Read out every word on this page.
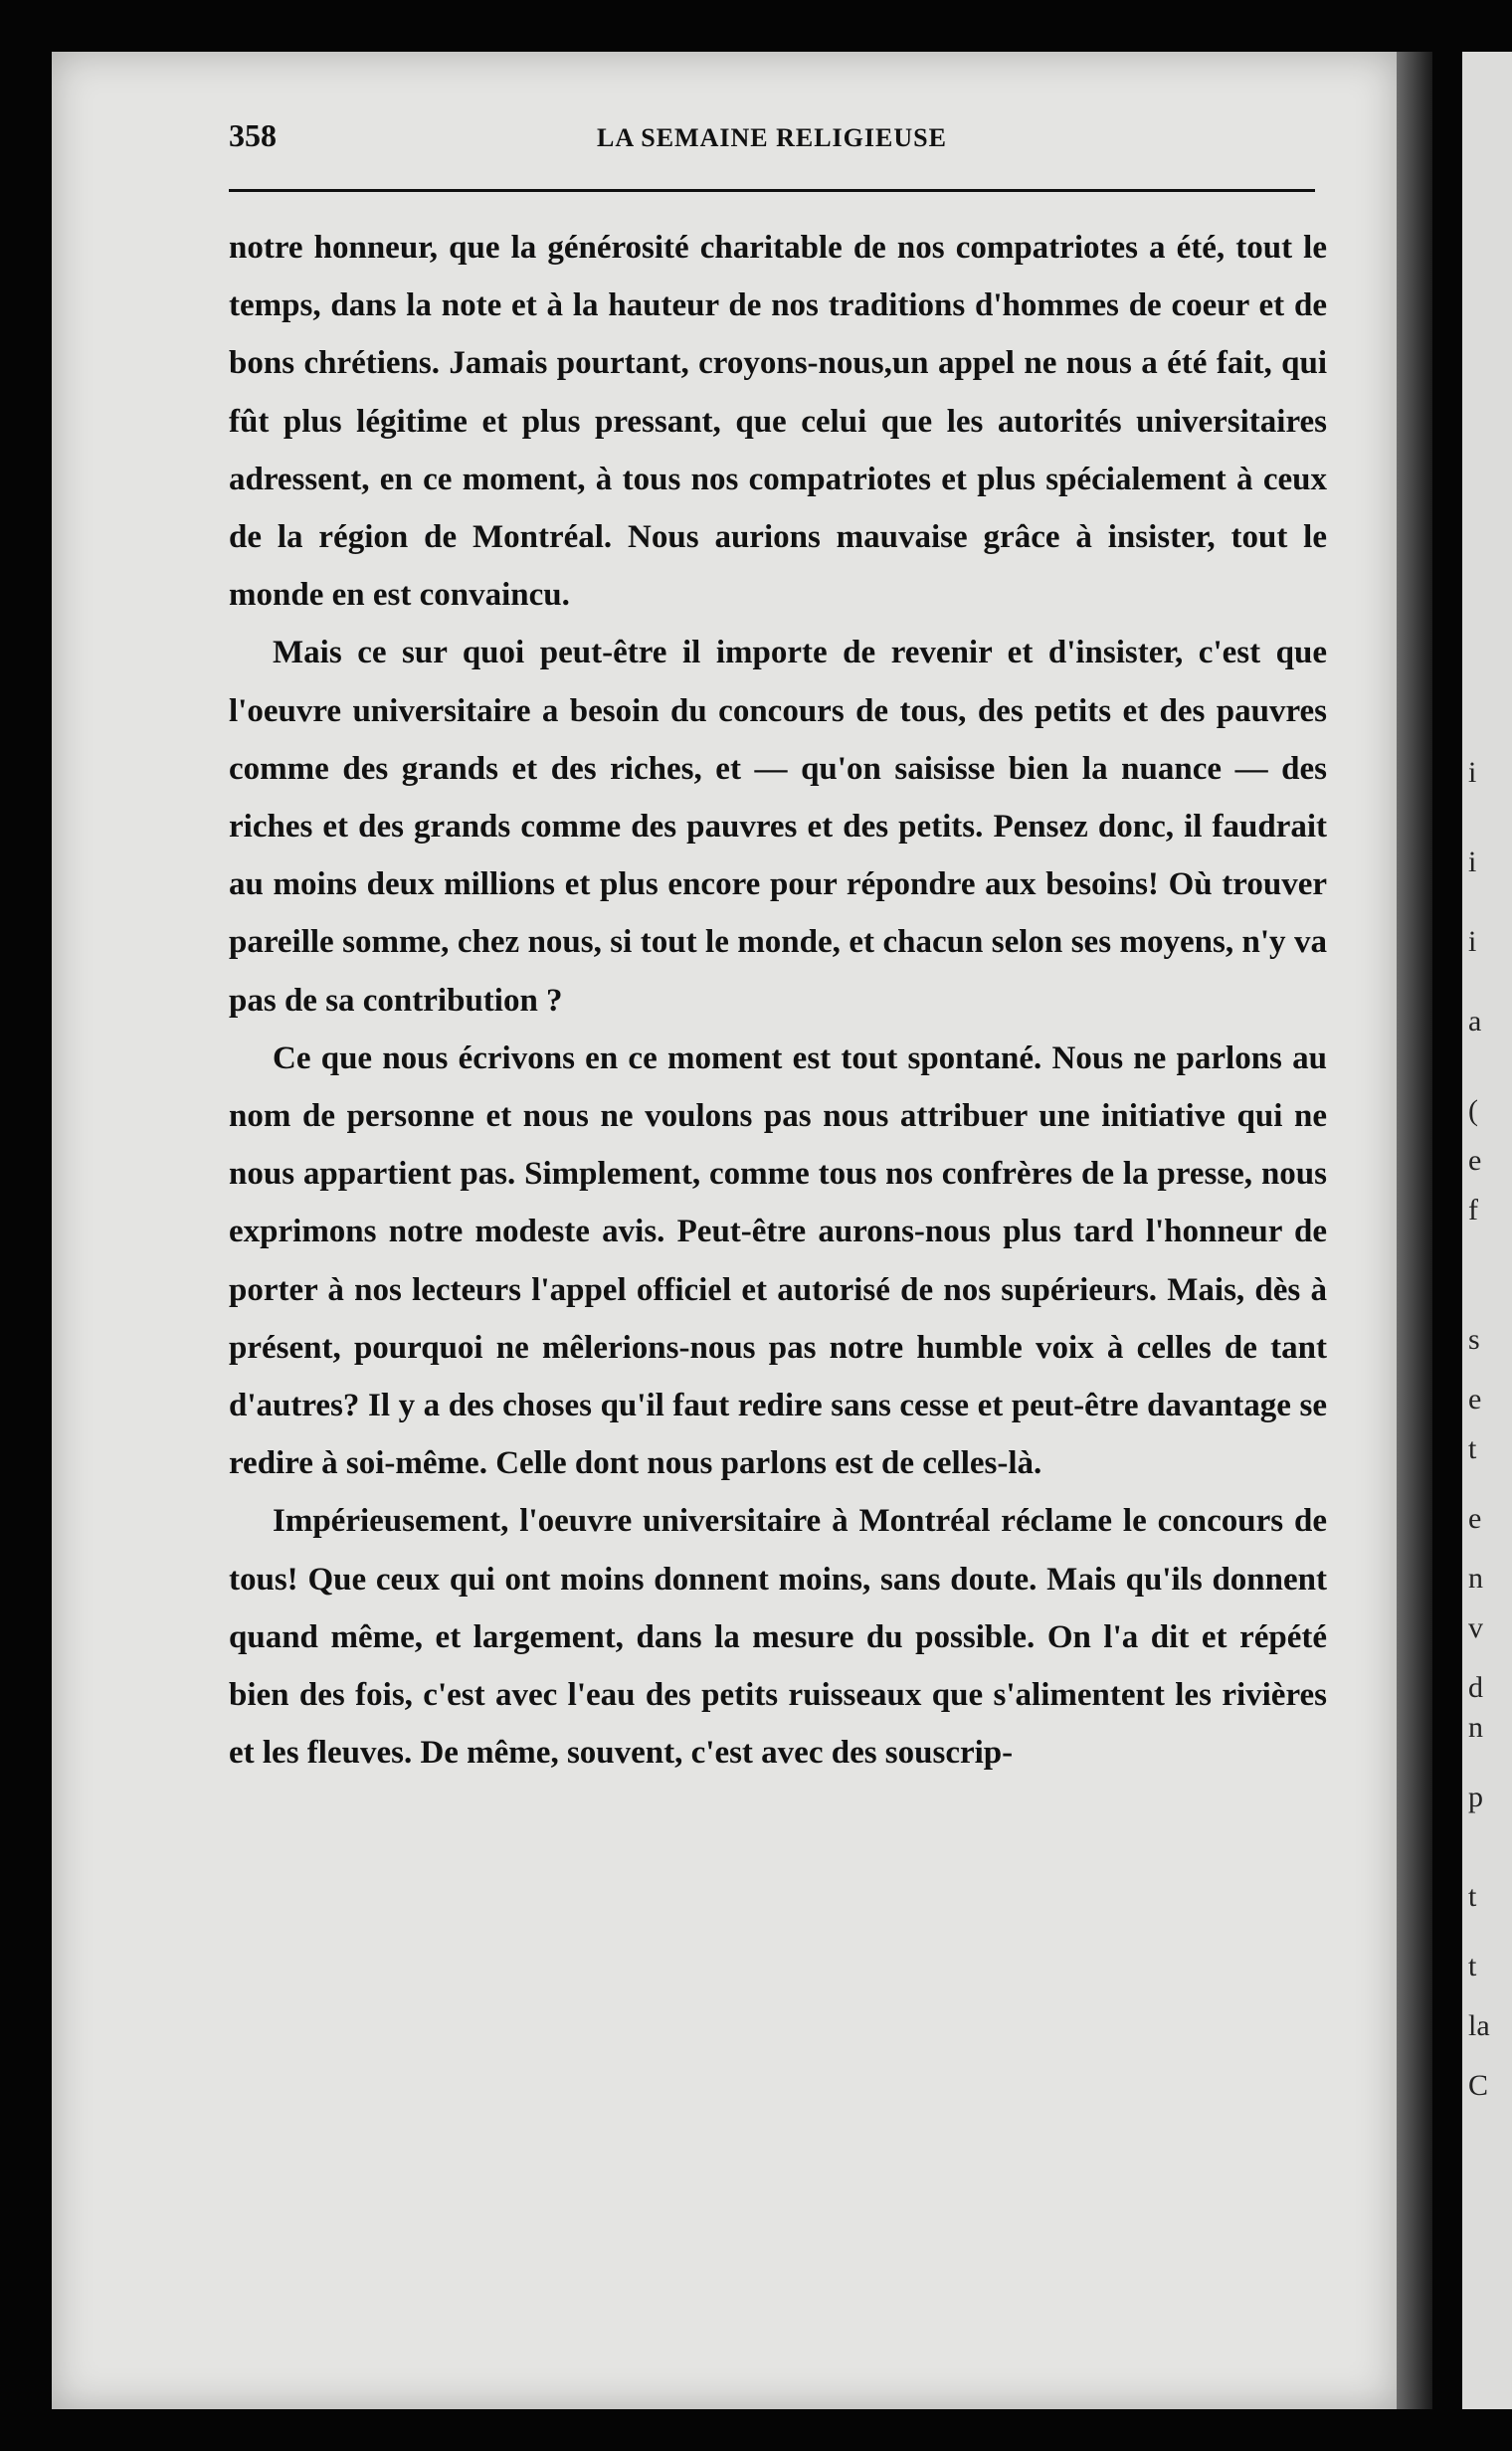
i
i
i
a
(
e
f
s
e
t
e
n
v
d
n
p
t
t
la
C
358	LA SEMAINE RELIGIEUSE

notre honneur, que la générosité charitable de nos compatriotes a été, tout le temps, dans la note et à la hauteur de nos traditions d'hommes de coeur et de bons chrétiens. Jamais pourtant, croyons-nous,un appel ne nous a été fait, qui fût plus légitime et plus pressant, que celui que les autorités universitaires adressent, en ce moment, à tous nos compatriotes et plus spécialement à ceux de la région de Montréal. Nous aurions mauvaise grâce à insister, tout le monde en est convaincu.

Mais ce sur quoi peut-être il importe de revenir et d'insister, c'est que l'oeuvre universitaire a besoin du concours de tous, des petits et des pauvres comme des grands et des riches, et — qu'on saisisse bien la nuance — des riches et des grands comme des pauvres et des petits. Pensez donc, il faudrait au moins deux millions et plus encore pour répondre aux besoins! Où trouver pareille somme, chez nous, si tout le monde, et chacun selon ses moyens, n'y va pas de sa contribution ?

Ce que nous écrivons en ce moment est tout spontané. Nous ne parlons au nom de personne et nous ne voulons pas nous attribuer une initiative qui ne nous appartient pas. Simplement, comme tous nos confrères de la presse, nous exprimons notre modeste avis. Peut-être aurons-nous plus tard l'honneur de porter à nos lecteurs l'appel officiel et autorisé de nos supérieurs. Mais, dès à présent, pourquoi ne mêlerions-nous pas notre humble voix à celles de tant d'autres? Il y a des choses qu'il faut redire sans cesse et peut-être davantage se redire à soi-même. Celle dont nous parlons est de celles-là.

Impérieusement, l'oeuvre universitaire à Montréal réclame le concours de tous! Que ceux qui ont moins donnent moins, sans doute. Mais qu'ils donnent quand même, et largement, dans la mesure du possible. On l'a dit et répété bien des fois, c'est avec l'eau des petits ruisseaux que s'alimentent les rivières et les fleuves. De même, souvent, c'est avec des souscrip-
